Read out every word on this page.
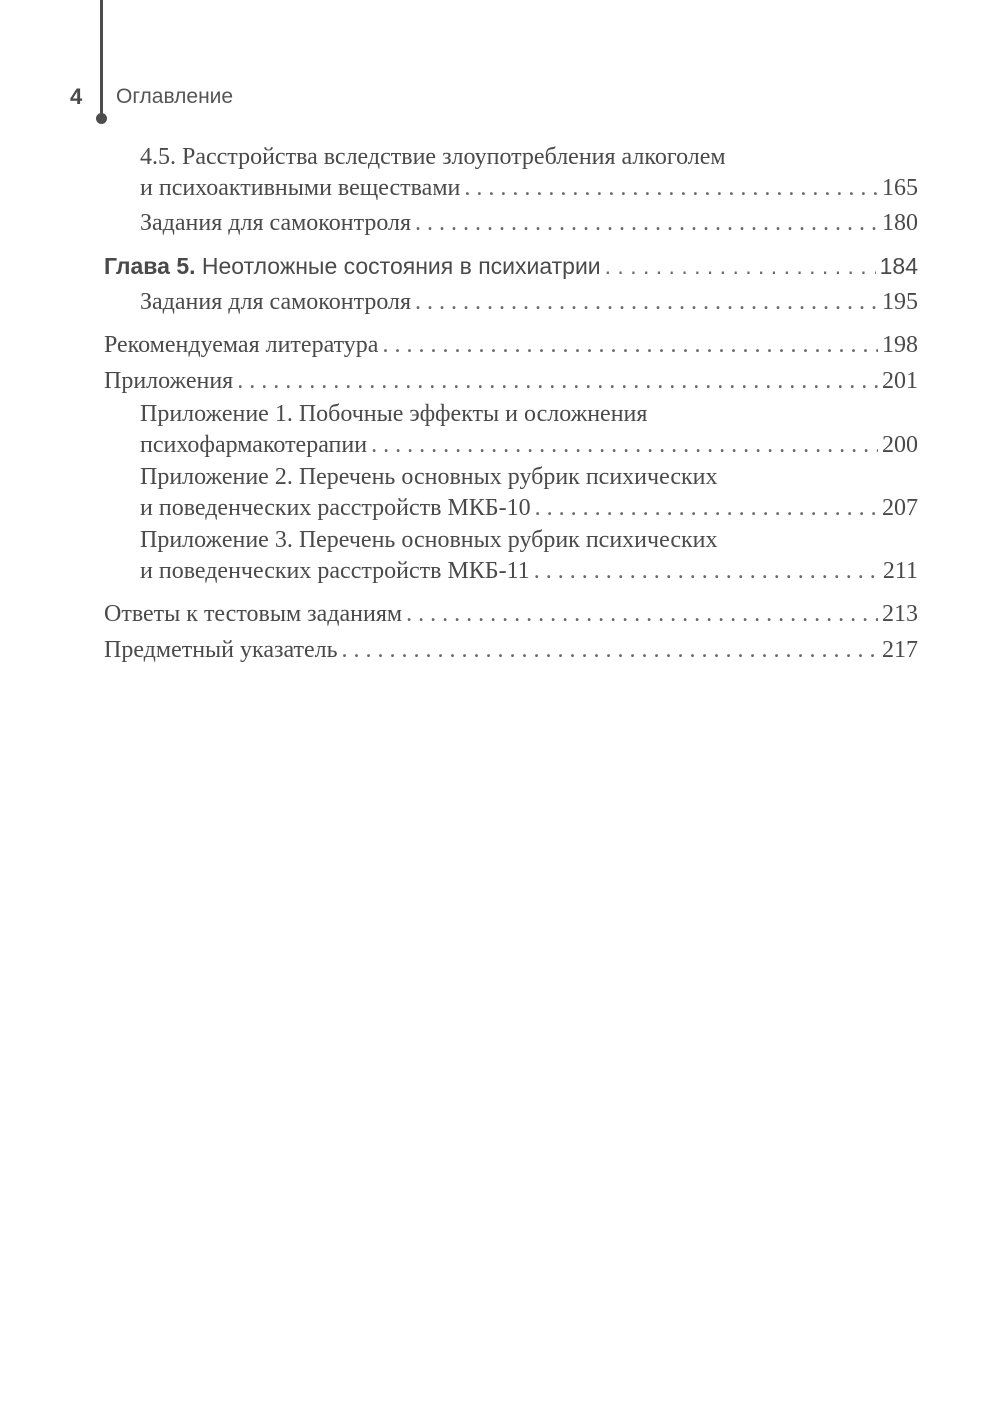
4 Оглавление
4.5. Расстройства вследствие злоупотребления алкоголем
и психоактивными веществами . . .	165
Задания для самоконтроля . . .	180
Глава 5. Неотложные состояния в психиатрии . . .	184
Задания для самоконтроля . . .	195
Рекомендуемая литература . . .	198
Приложения . . .	201
Приложение 1. Побочные эффекты и осложнения
психофармакотерапии . . .	200
Приложение 2. Перечень основных рубрик психических
и поведенческих расстройств МКБ-10 . . .	207
Приложение 3. Перечень основных рубрик психических
и поведенческих расстройств МКБ-11 . . .	211
Ответы к тестовым заданиям . . .	213
Предметный указатель . . .	217
